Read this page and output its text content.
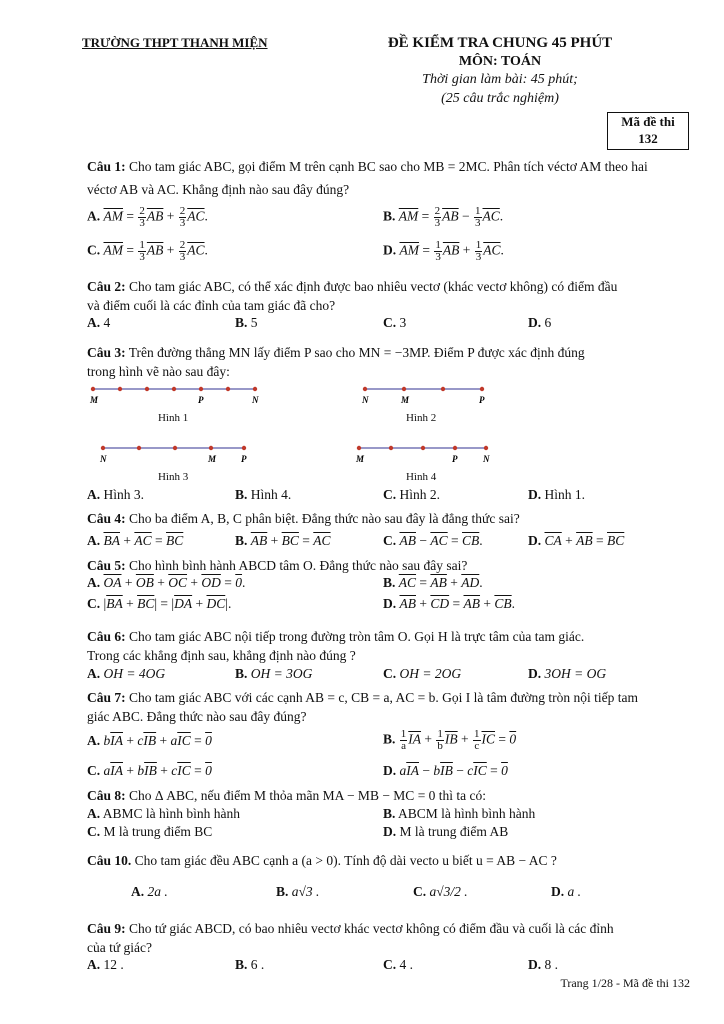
TRƯỜNG THPT THANH MIỆN	ĐỀ KIỂM TRA CHUNG 45 PHÚT
MÔN: TOÁN
Thời gian làm bài: 45 phút;
(25 câu trắc nghiệm)
Mã đề thi
132
Câu 1: Cho tam giác ABC, gọi điểm M trên cạnh BC sao cho MB = 2MC. Phân tích véctơ AM theo hai
véctơ AB và AC. Khẳng định nào sau đây đúng?
A. $\overline{AM} = \frac{2}{3} \overline{AB} + \frac{2}{3} \overline{AC}$.	B. $\overline{AM} = \frac{2}{3} \overline{AB} - \frac{1}{3} \overline{AC}$.
C. $\overline{AM} = \frac{1}{3} \overline{AB} + \frac{2}{3} \overline{AC}$.	D. $\overline{AM} = \frac{1}{3} \overline{AB} + \frac{1}{3} \overline{AC}$.
Câu 2: Cho tam giác ABC, có thể xác định được bao nhiêu vectơ (khác vectơ không) có điểm đầu
và điểm cuối là các đỉnh của tam giác đã cho?
A. 4	B. 5	C. 3	D. 6
Câu 3: Trên đường thẳng MN lấy điểm P sao cho MN = −3MP. Điểm P được xác định đúng
trong hình vẽ nào sau đây:
M	P	N
Hình 1
N	M	P
Hình 2
N	M	P
Hình 3
M	P	N
Hình 4
A. Hình 3.	B. Hình 4.	C. Hình 2.	D. Hình 1.
Câu 4: Cho ba điểm A, B, C phân biệt. Đẳng thức nào sau đây là đẳng thức sai?
A. $\overline{BA} + \overline{AC} = \overline{BC}$	B. $\overline{AB} + \overline{BC} = \overline{AC}$	C. $\overline{AB} - \overline{AC} = \overline{CB}$.	D. $\overline{CA} + \overline{AB} = \overline{BC}$
Câu 5: Cho hình bình hành ABCD tâm O. Đẳng thức nào sau đây sai?
A. $\overline{OA} + \overline{OB} + \overline{OC} + \overline{OD} = 0$.	B. $\overline{AC} = \overline{AB} + \overline{AD}$.
C. $|\overline{BA} + \overline{BC}| = |\overline{DA} + \overline{DC}|$.	D. $\overline{AB} + \overline{CD} = \overline{AB} + \overline{CB}$.
Câu 6: Cho tam giác ABC nội tiếp trong đường tròn tâm O. Gọi H là trực tâm của tam giác.
Trong các khẳng định sau, khẳng định nào đúng ?
A. OH = 4OG	B. OH = 3OG	C. OH = 2OG	D. 3OH = OG
Câu 7: Cho tam giác ABC với các cạnh AB = c, CB = a, AC = b. Gọi I là tâm đường tròn nội tiếp tam
giác ABC. Đẳng thức nào sau đây đúng?
A. $b\overline{IA} + c\overline{IB} + a\overline{IC} = 0$	B. $\frac{1}{a} \overline{IA} + \frac{1}{b} \overline{IB} + \frac{1}{c} \overline{IC} = 0$
C. $a\overline{IA} + b\overline{IB} + c\overline{IC} = 0$	D. $a\overline{IA} - b\overline{IB} - c\overline{IC} = 0$
Câu 8: Cho Δ ABC, nếu điểm M thỏa mãn MA − MB − MC = 0 thì ta có:
A. ABMC là hình bình hành	B. ABCM là hình bình hành
C. M là trung điểm BC	D. M là trung điểm AB
Câu 10. Cho tam giác đều ABC cạnh a (a > 0). Tính độ dài vecto u biết u = AB − AC ?
A. 2a .	B. a√3 .	C. a√3/2 .	D. a .
Câu 9: Cho tứ giác ABCD, có bao nhiêu vectơ khác vectơ không có điểm đầu và cuối là các đỉnh
của tứ giác?
A. 12 .	B. 6 .	C. 4 .	D. 8 .
Trang 1/28 - Mã đề thi 132
